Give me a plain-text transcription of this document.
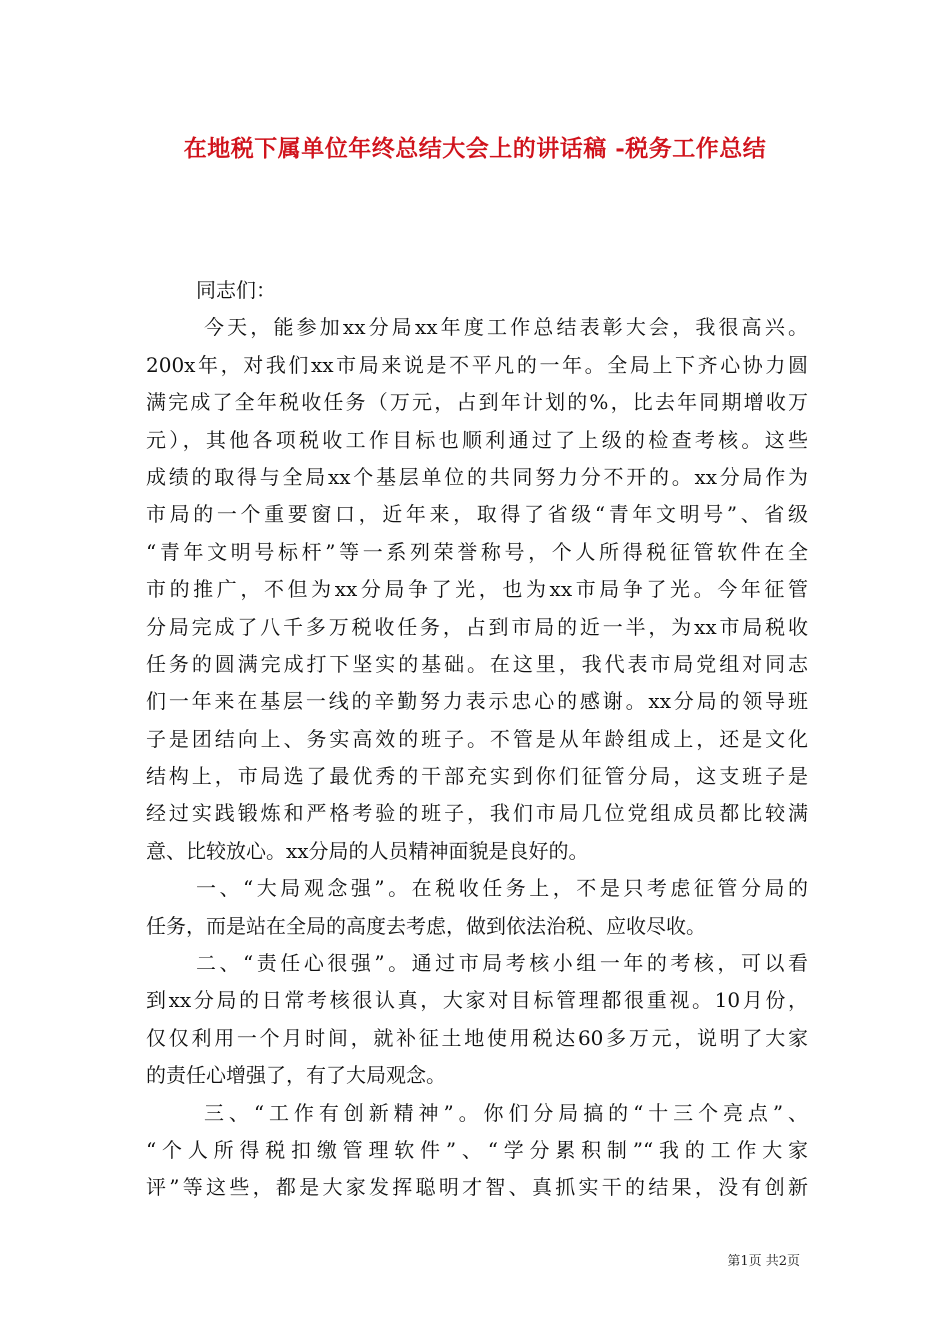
在地税下属单位年终总结大会上的讲话稿 -税务工作总结
同志们：
今天，能参加xx分局xx年度工作总结表彰大会，我很高兴。
200x年，对我们xx市局来说是不平凡的一年。全局上下齐心协力圆
满完成了全年税收任务（万元，占到年计划的%，比去年同期增收万
元），其他各项税收工作目标也顺利通过了上级的检查考核。这些
成绩的取得与全局xx个基层单位的共同努力分不开的。xx分局作为
市局的一个重要窗口，近年来，取得了省级“青年文明号”、省级
“青年文明号标杆”等一系列荣誉称号，个人所得税征管软件在全
市的推广，不但为xx分局争了光，也为xx市局争了光。今年征管
分局完成了八千多万税收任务，占到市局的近一半，为xx市局税收
任务的圆满完成打下坚实的基础。在这里，我代表市局党组对同志
们一年来在基层一线的辛勤努力表示忠心的感谢。xx分局的领导班
子是团结向上、务实高效的班子。不管是从年龄组成上，还是文化
结构上，市局选了最优秀的干部充实到你们征管分局，这支班子是
经过实践锻炼和严格考验的班子，我们市局几位党组成员都比较满
意、比较放心。xx分局的人员精神面貌是良好的。
一、“大局观念强”。在税收任务上，不是只考虑征管分局的
任务，而是站在全局的高度去考虑，做到依法治税、应收尽收。
二、“责任心很强”。通过市局考核小组一年的考核，可以看
到xx分局的日常考核很认真，大家对目标管理都很重视。10月份，
仅仅利用一个月时间，就补征土地使用税达60多万元，说明了大家
的责任心增强了，有了大局观念。
三、“工作有创新精神”。你们分局搞的“十三个亮点”、
“个人所得税扣缴管理软件”、“学分累积制”“我的工作大家
评”等这些，都是大家发挥聪明才智、真抓实干的结果，没有创新
第1页 共2页
